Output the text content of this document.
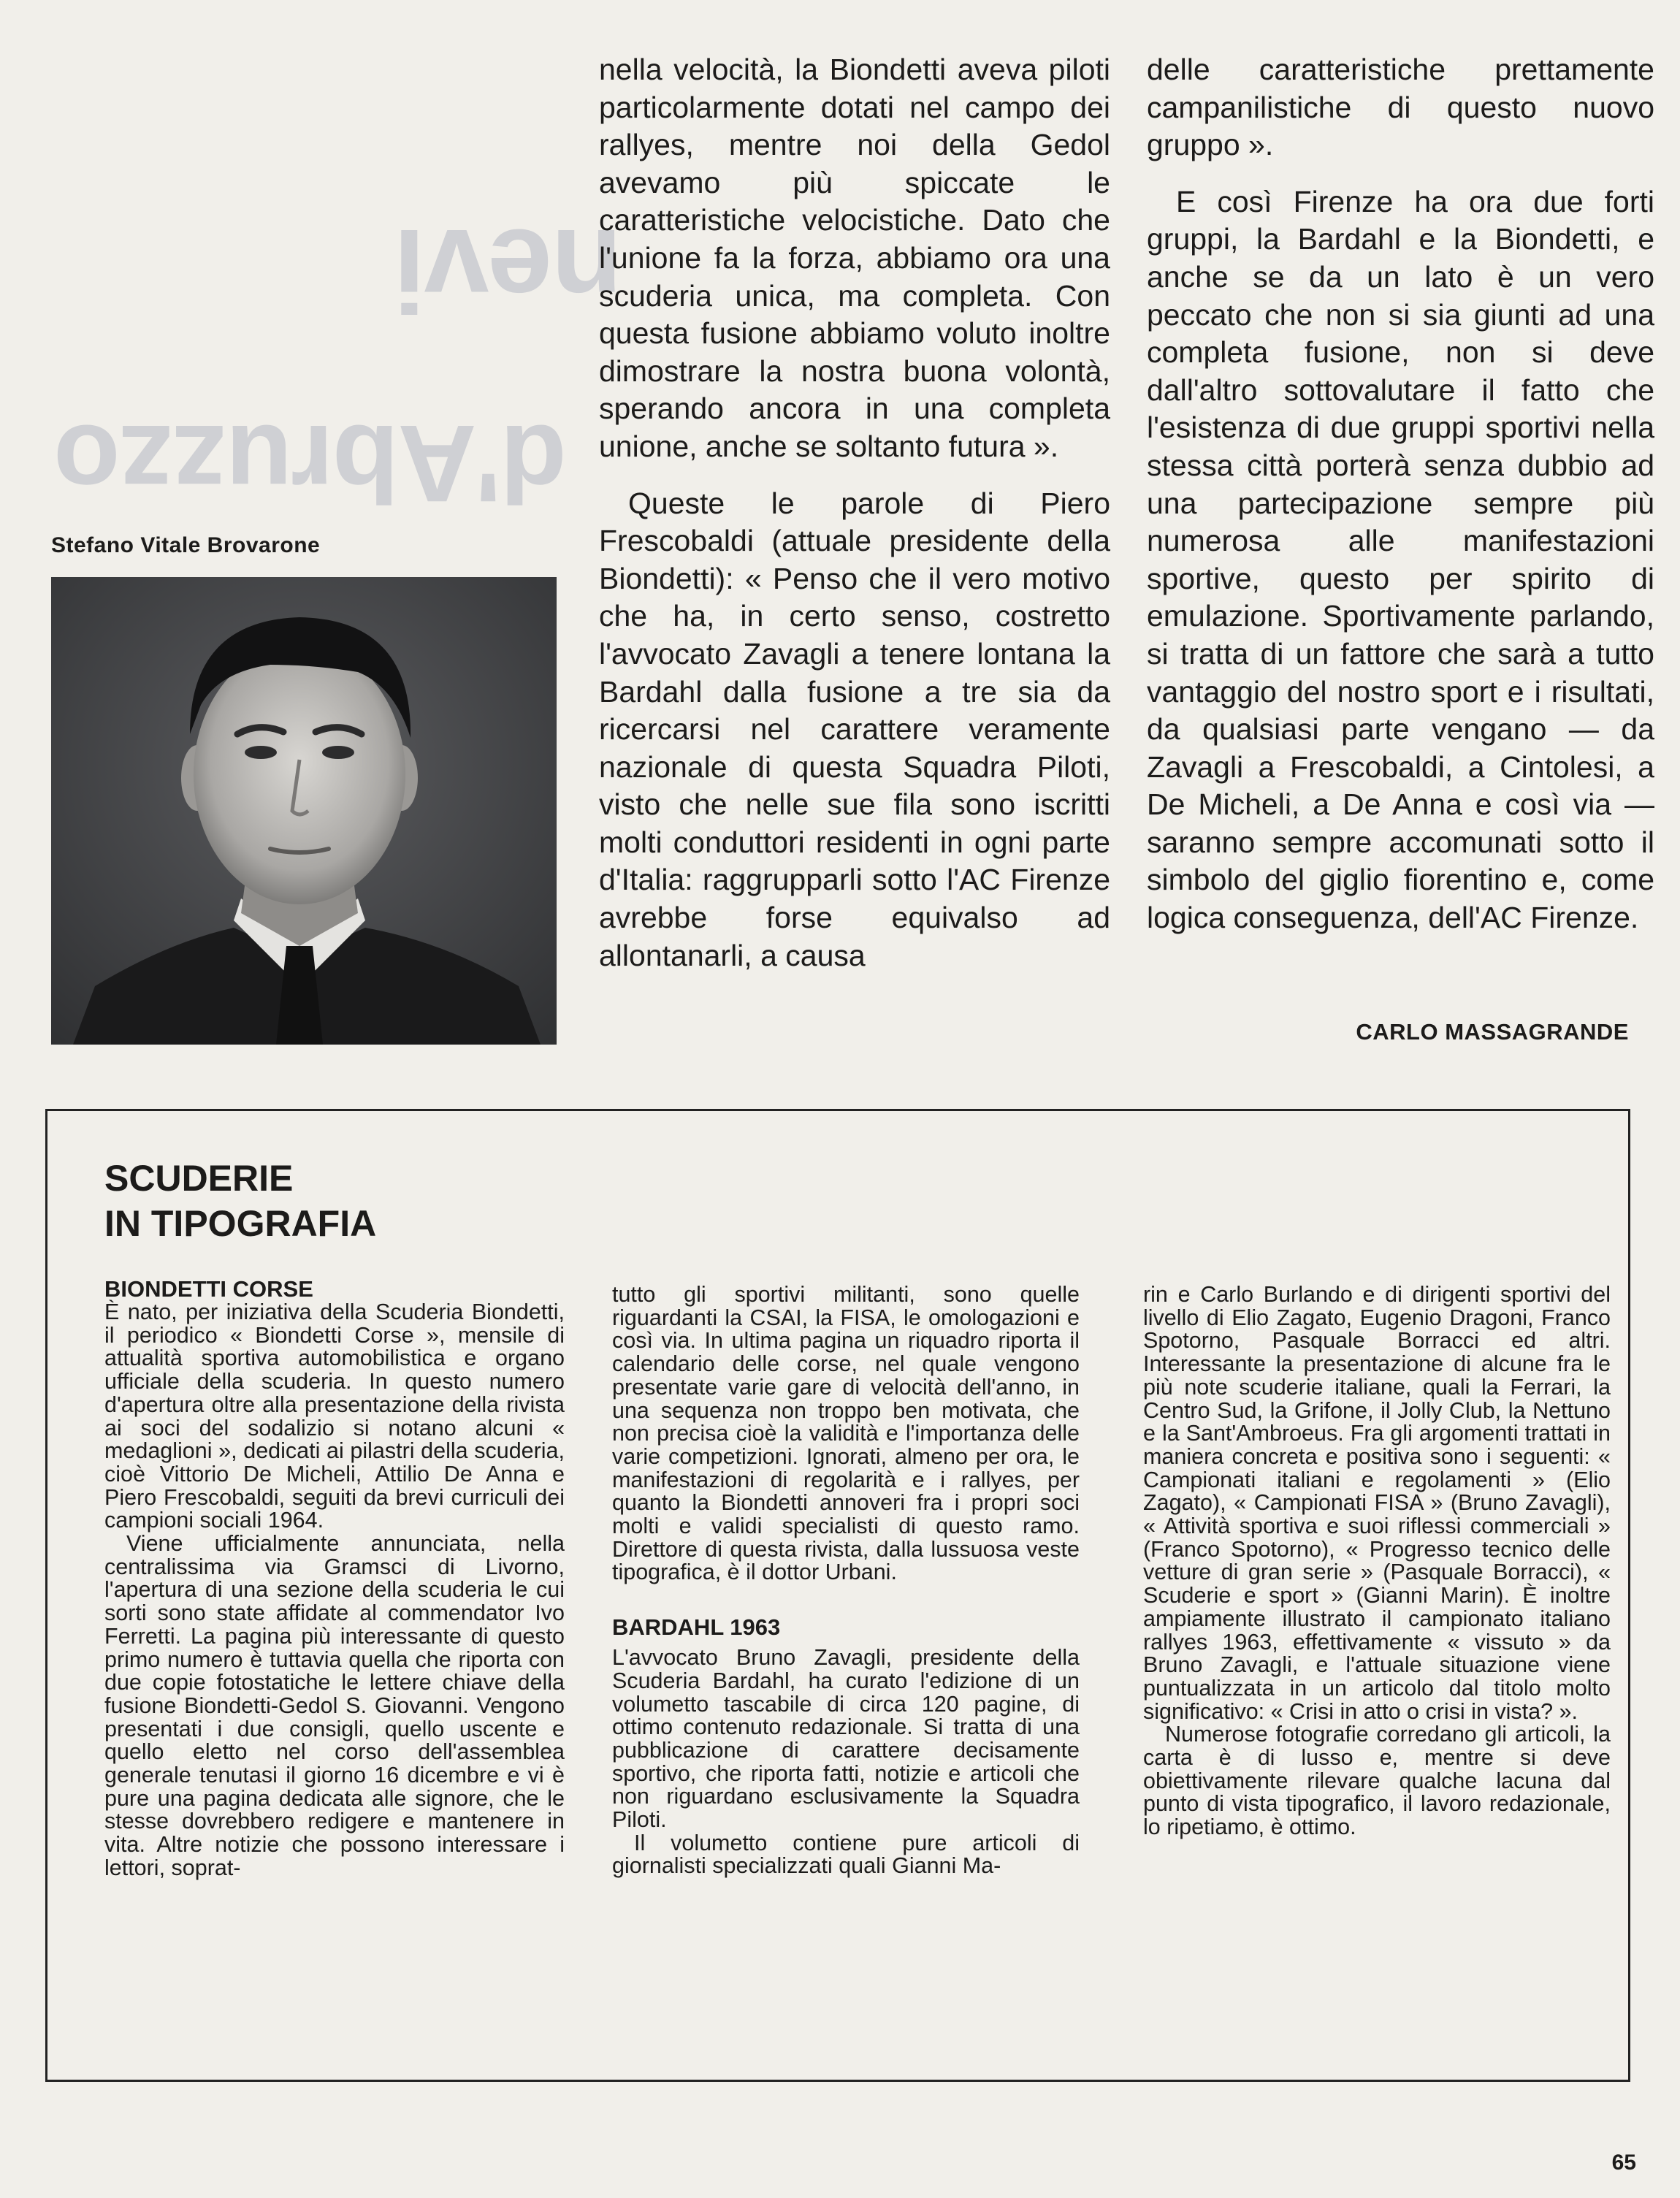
nevi
d'Abruzzo
Stefano Vitale Brovarone

nella velocità, la Biondetti aveva piloti particolarmente dotati nel campo dei rallyes, mentre noi della Gedol avevamo più spiccate le caratteristiche velocistiche. Dato che l'unione fa la forza, abbiamo ora una scuderia unica, ma completa. Con questa fusione abbiamo voluto inoltre dimostrare la nostra buona volontà, sperando ancora in una completa unione, anche se soltanto futura ».

Queste le parole di Piero Frescobaldi (attuale presidente della Biondetti): « Penso che il vero motivo che ha, in certo senso, costretto l'avvocato Zavagli a tenere lontana la Bardahl dalla fusione a tre sia da ricercarsi nel carattere veramente nazionale di questa Squadra Piloti, visto che nelle sue fila sono iscritti molti conduttori residenti in ogni parte d'Italia: raggrupparli sotto l'AC Firenze avrebbe forse equivalso ad allontanarli, a causa

delle caratteristiche prettamente campanilistiche di questo nuovo gruppo ».

E così Firenze ha ora due forti gruppi, la Bardahl e la Biondetti, e anche se da un lato è un vero peccato che non si sia giunti ad una completa fusione, non si deve dall'altro sottovalutare il fatto che l'esistenza di due gruppi sportivi nella stessa città porterà senza dubbio ad una partecipazione sempre più numerosa alle manifestazioni sportive, questo per spirito di emulazione. Sportivamente parlando, si tratta di un fattore che sarà a tutto vantaggio del nostro sport e i risultati, da qualsiasi parte vengano — da Zavagli a Frescobaldi, a Cintolesi, a De Micheli, a De Anna e così via — saranno sempre accomunati sotto il simbolo del giglio fiorentino e, come logica conseguenza, dell'AC Firenze.

CARLO MASSAGRANDE
SCUDERIE
IN TIPOGRAFIA
BIONDETTI CORSE

È nato, per iniziativa della Scuderia Biondetti, il periodico « Biondetti Corse », mensile di attualità sportiva automobilistica e organo ufficiale della scuderia. In questo numero d'apertura oltre alla presentazione della rivista ai soci del sodalizio si notano alcuni « medaglioni », dedicati ai pilastri della scuderia, cioè Vittorio De Micheli, Attilio De Anna e Piero Frescobaldi, seguiti da brevi curriculi dei campioni sociali 1964.

Viene ufficialmente annunciata, nella centralissima via Gramsci di Livorno, l'apertura di una sezione della scuderia le cui sorti sono state affidate al commendator Ivo Ferretti. La pagina più interessante di questo primo numero è tuttavia quella che riporta con due copie fotostatiche le lettere chiave della fusione Biondetti-Gedol S. Giovanni. Vengono presentati i due consigli, quello uscente e quello eletto nel corso dell'assemblea generale tenutasi il giorno 16 dicembre e vi è pure una pagina dedicata alle signore, che le stesse dovrebbero redigere e mantenere in vita. Altre notizie che possono interessare i lettori, soprat-

tutto gli sportivi militanti, sono quelle riguardanti la CSAI, la FISA, le omologazioni e così via. In ultima pagina un riquadro riporta il calendario delle corse, nel quale vengono presentate varie gare di velocità dell'anno, in una sequenza non troppo ben motivata, che non precisa cioè la validità e l'importanza delle varie competizioni. Ignorati, almeno per ora, le manifestazioni di regolarità e i rallyes, per quanto la Biondetti annoveri fra i propri soci molti e validi specialisti di questo ramo. Direttore di questa rivista, dalla lussuosa veste tipografica, è il dottor Urbani.

BARDAHL 1963

L'avvocato Bruno Zavagli, presidente della Scuderia Bardahl, ha curato l'edizione di un volumetto tascabile di circa 120 pagine, di ottimo contenuto redazionale. Si tratta di una pubblicazione di carattere decisamente sportivo, che riporta fatti, notizie e articoli che non riguardano esclusivamente la Squadra Piloti.

Il volumetto contiene pure articoli di giornalisti specializzati quali Gianni Ma-

rin e Carlo Burlando e di dirigenti sportivi del livello di Elio Zagato, Eugenio Dragoni, Franco Spotorno, Pasquale Borracci ed altri. Interessante la presentazione di alcune fra le più note scuderie italiane, quali la Ferrari, la Centro Sud, la Grifone, il Jolly Club, la Nettuno e la Sant'Ambroeus. Fra gli argomenti trattati in maniera concreta e positiva sono i seguenti: « Campionati italiani e regolamenti » (Elio Zagato), « Campionati FISA » (Bruno Zavagli), « Attività sportiva e suoi riflessi commerciali » (Franco Spotorno), « Progresso tecnico delle vetture di gran serie » (Pasquale Borracci), « Scuderie e sport » (Gianni Marin). È inoltre ampiamente illustrato il campionato italiano rallyes 1963, effettivamente « vissuto » da Bruno Zavagli, e l'attuale situazione viene puntualizzata in un articolo dal titolo molto significativo: « Crisi in atto o crisi in vista? ».

Numerose fotografie corredano gli articoli, la carta è di lusso e, mentre si deve obiettivamente rilevare qualche lacuna dal punto di vista tipografico, il lavoro redazionale, lo ripetiamo, è ottimo.

65
